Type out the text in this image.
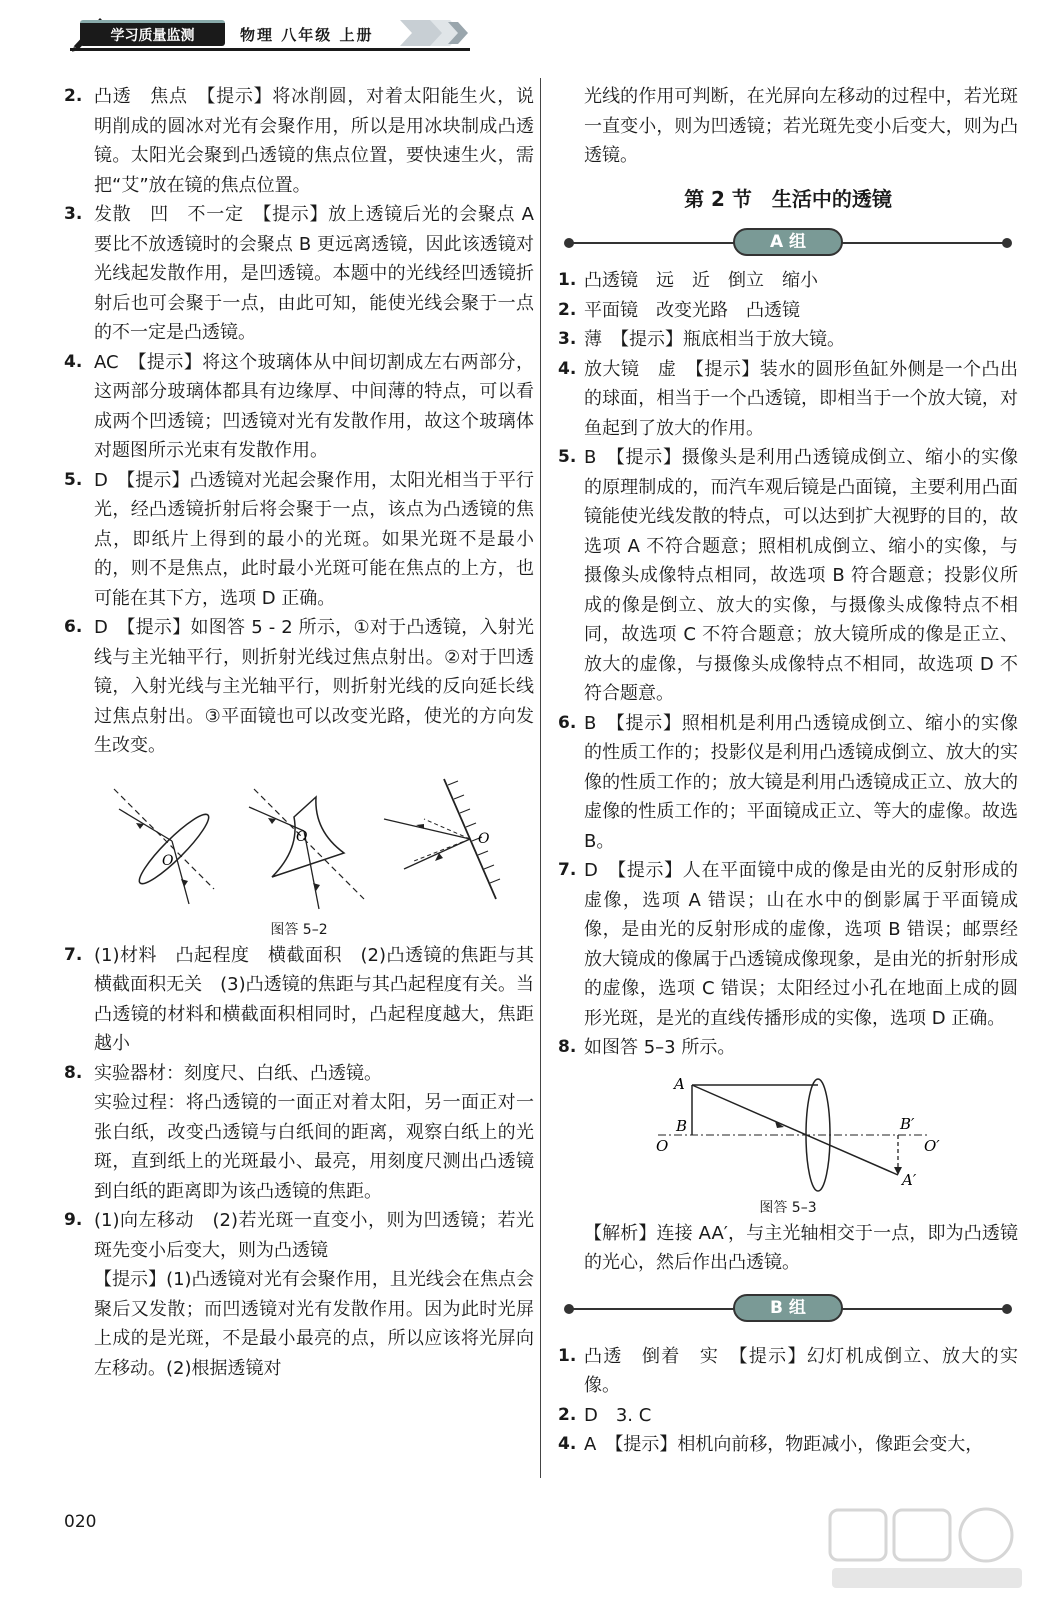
学习质量监测	物理 八年级 上册
2. 凸透　焦点　【提示】将冰削圆，对着太阳能生火，说明削成的圆冰对光有会聚作用，所以是用冰块制成凸透镜。太阳光会聚到凸透镜的焦点位置，要快速生火，需把“艾”放在镜的焦点位置。
3. 发散　凹　不一定　【提示】放上透镜后光的会聚点 A 要比不放透镜时的会聚点 B 更远离透镜，因此该透镜对光线起发散作用，是凹透镜。本题中的光线经凹透镜折射后也可会聚于一点，由此可知，能使光线会聚于一点的不一定是凸透镜。
4. AC　【提示】将这个玻璃体从中间切割成左右两部分，这两部分玻璃体都具有边缘厚、中间薄的特点，可以看成两个凹透镜；凹透镜对光有发散作用，故这个玻璃体对题图所示光束有发散作用。
5. D　【提示】凸透镜对光起会聚作用，太阳光相当于平行光，经凸透镜折射后将会聚于一点，该点为凸透镜的焦点，即纸片上得到的最小的光斑。如果光斑不是最小的，则不是焦点，此时最小光斑可能在焦点的上方，也可能在其下方，选项 D 正确。
6. D　【提示】如图答 5 - 2 所示，①对于凸透镜，入射光线与主光轴平行，则折射光线过焦点射出。②对于凹透镜，入射光线与主光轴平行，则折射光线的反向延长线过焦点射出。③平面镜也可以改变光路，使光的方向发生改变。
O
O	O
图答 5–2
7. (1)材料　凸起程度　横截面积　(2)凸透镜的焦距与其横截面积无关　(3)凸透镜的焦距与其凸起程度有关。当凸透镜的材料和横截面积相同时，凸起程度越大，焦距越小
8. 实验器材：刻度尺、白纸、凸透镜。
实验过程：将凸透镜的一面正对着太阳，另一面正对一张白纸，改变凸透镜与白纸间的距离，观察白纸上的光斑，直到纸上的光斑最小、最亮，用刻度尺测出凸透镜到白纸的距离即为该凸透镜的焦距。
9. (1)向左移动　(2)若光斑一直变小，则为凹透镜；若光斑先变小后变大，则为凸透镜
【提示】(1)凸透镜对光有会聚作用，且光线会在焦点会聚后又发散；而凹透镜对光有发散作用。因为此时光屏上成的是光斑，不是最小最亮的点，所以应该将光屏向左移动。(2)根据透镜对
光线的作用可判断，在光屏向左移动的过程中，若光斑一直变小，则为凹透镜；若光斑先变小后变大，则为凸透镜。
第 2 节　生活中的透镜
A 组
1. 凸透镜　远　近　倒立　缩小
2. 平面镜　改变光路　凸透镜
3. 薄　【提示】瓶底相当于放大镜。
4. 放大镜　虚　【提示】装水的圆形鱼缸外侧是一个凸出的球面，相当于一个凸透镜，即相当于一个放大镜，对鱼起到了放大的作用。
5. B　【提示】摄像头是利用凸透镜成倒立、缩小的实像的原理制成的，而汽车观后镜是凸面镜，主要利用凸面镜能使光线发散的特点，可以达到扩大视野的目的，故选项 A 不符合题意；照相机成倒立、缩小的实像，与摄像头成像特点相同，故选项 B 符合题意；投影仪所成的像是倒立、放大的实像，与摄像头成像特点不相同，故选项 C 不符合题意；放大镜所成的像是正立、放大的虚像，与摄像头成像特点不相同，故选项 D 不符合题意。
6. B　【提示】照相机是利用凸透镜成倒立、缩小的实像的性质工作的；投影仪是利用凸透镜成倒立、放大的实像的性质工作的；放大镜是利用凸透镜成正立、放大的虚像的性质工作的；平面镜成正立、等大的虚像。故选 B。
7. D　【提示】人在平面镜中成的像是由光的反射形成的虚像，选项 A 错误；山在水中的倒影属于平面镜成像，是由光的反射形成的虚像，选项 B 错误；邮票经放大镜成的像属于凸透镜成像现象，是由光的折射形成的虚像，选项 C 错误；太阳经过小孔在地面上成的圆形光斑，是光的直线传播形成的实像，选项 D 正确。
8. 如图答 5–3 所示。
A
B
O
B′
O′
A′
图答 5–3
【解析】连接 AA′，与主光轴相交于一点，即为凸透镜的光心，然后作出凸透镜。
B 组
1. 凸透　倒着　实　【提示】幻灯机成倒立、放大的实像。
2. D　3. C
4. A　【提示】相机向前移，物距减小，像距会变大，
020
